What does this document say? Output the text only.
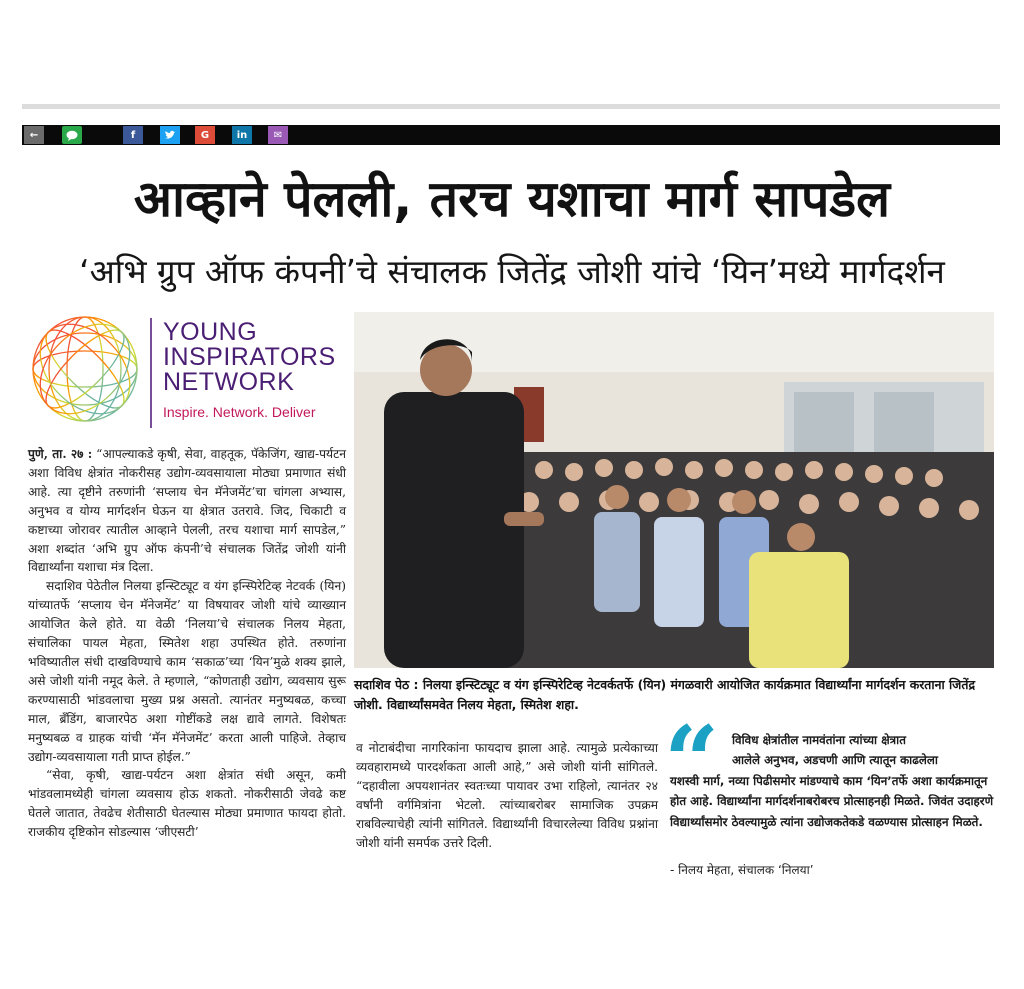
←	f	G	in	✉
आव्हाने पेलली, तरच यशाचा मार्ग सापडेल
‘अभि ग्रुप ऑफ कंपनी’चे संचालक जितेंद्र जोशी यांचे ‘यिन’मध्ये मार्गदर्शन
YOUNG
INSPIRATORS
NETWORK
Inspire. Network. Deliver

पुणे, ता. २७ : “आपल्याकडे कृषी, सेवा, वाहतूक, पॅकेजिंग, खाद्य-पर्यटन अशा विविध क्षेत्रांत नोकरीसह उद्योग-व्यवसायाला मोठ्या प्रमाणात संधी आहे. त्या दृष्टीने तरुणांनी ‘सप्लाय चेन मॅनेजमेंट’चा चांगला अभ्यास, अनुभव व योग्य मार्गदर्शन घेऊन या क्षेत्रात उतरावे. जिद, चिकाटी व कष्टाच्या जोरावर त्यातील आव्हाने पेलली, तरच यशाचा मार्ग सापडेल,” अशा शब्दांत ‘अभि ग्रुप ऑफ कंपनी’चे संचालक जितेंद्र जोशी यांनी विद्यार्थ्यांना यशाचा मंत्र दिला.

सदाशिव पेठेतील निलया इन्स्टिट्यूट व यंग इन्स्पिरेटिव्ह नेटवर्क (यिन) यांच्यातर्फे ‘सप्लाय चेन मॅनेजमेंट’ या विषयावर जोशी यांचे व्याख्यान आयोजित केले होते. या वेळी ‘निलया’चे संचालक निलय मेहता, संचालिका पायल मेहता, स्मितेश शहा उपस्थित होते. तरुणांना भविष्यातील संधी दाखविण्याचे काम ‘सकाळ’च्या ‘यिन’मुळे शक्य झाले, असे जोशी यांनी नमूद केले. ते म्हणाले, “कोणताही उद्योग, व्यवसाय सुरू करण्यासाठी भांडवलाचा मुख्य प्रश्न असतो. त्यानंतर मनुष्यबळ, कच्चा माल, ब्रँडिंग, बाजारपेठ अशा गोष्टींकडे लक्ष द्यावे लागते. विशेषतः मनुष्यबळ व ग्राहक यांची ‘मॅन मॅनेजमेंट’ करता आली पाहिजे. तेव्हाच उद्योग-व्यवसायाला गती प्राप्त होईल.”

“सेवा, कृषी, खाद्य-पर्यटन अशा क्षेत्रांत संधी असून, कमी भांडवलामध्येही चांगला व्यवसाय होऊ शकतो. नोकरीसाठी जेवढे कष्ट घेतले जातात, तेवढेच शेतीसाठी घेतल्यास मोठ्या प्रमाणात फायदा होतो. राजकीय दृष्टिकोन सोडल्यास ‘जीएसटी’

सदाशिव पेठ : निलया इन्स्टिट्यूट व यंग इन्स्पिरेटिव्ह नेटवर्कतर्फे (यिन) मंगळवारी आयोजित कार्यक्रमात विद्यार्थ्यांना मार्गदर्शन करताना जितेंद्र जोशी. विद्यार्थ्यांसमवेत निलय मेहता, स्मितेश शहा.

व नोटाबंदीचा नागरिकांना फायदाच झाला आहे. त्यामुळे प्रत्येकाच्या व्यवहारामध्ये पारदर्शकता आली आहे,” असे जोशी यांनी सांगितले. “दहावीला अपयशानंतर स्वतःच्या पायावर उभा राहिलो, त्यानंतर २४ वर्षांनी वर्गमित्रांना भेटलो. त्यांच्याबरोबर सामाजिक उपक्रम राबविल्याचेही त्यांनी सांगितले. विद्यार्थ्यांनी विचारलेल्या विविध प्रश्नांना जोशी यांनी समर्पक उत्तरे दिली.

“	विविध क्षेत्रांतील नामवंतांना त्यांच्या क्षेत्रात
आलेले अनुभव, अडचणी आणि त्यातून काढलेला
यशस्वी मार्ग, नव्या पिढीसमोर मांडण्याचे काम ‘यिन’तर्फे अशा कार्यक्रमातून होत आहे. विद्यार्थ्यांना मार्गदर्शनाबरोबरच प्रोत्साहनही मिळते. जिवंत उदाहरणे विद्यार्थ्यांसमोर ठेवल्यामुळे त्यांना उद्योजकतेकडे वळण्यास प्रोत्साहन मिळते.
- निलय मेहता, संचालक ‘निलया’
